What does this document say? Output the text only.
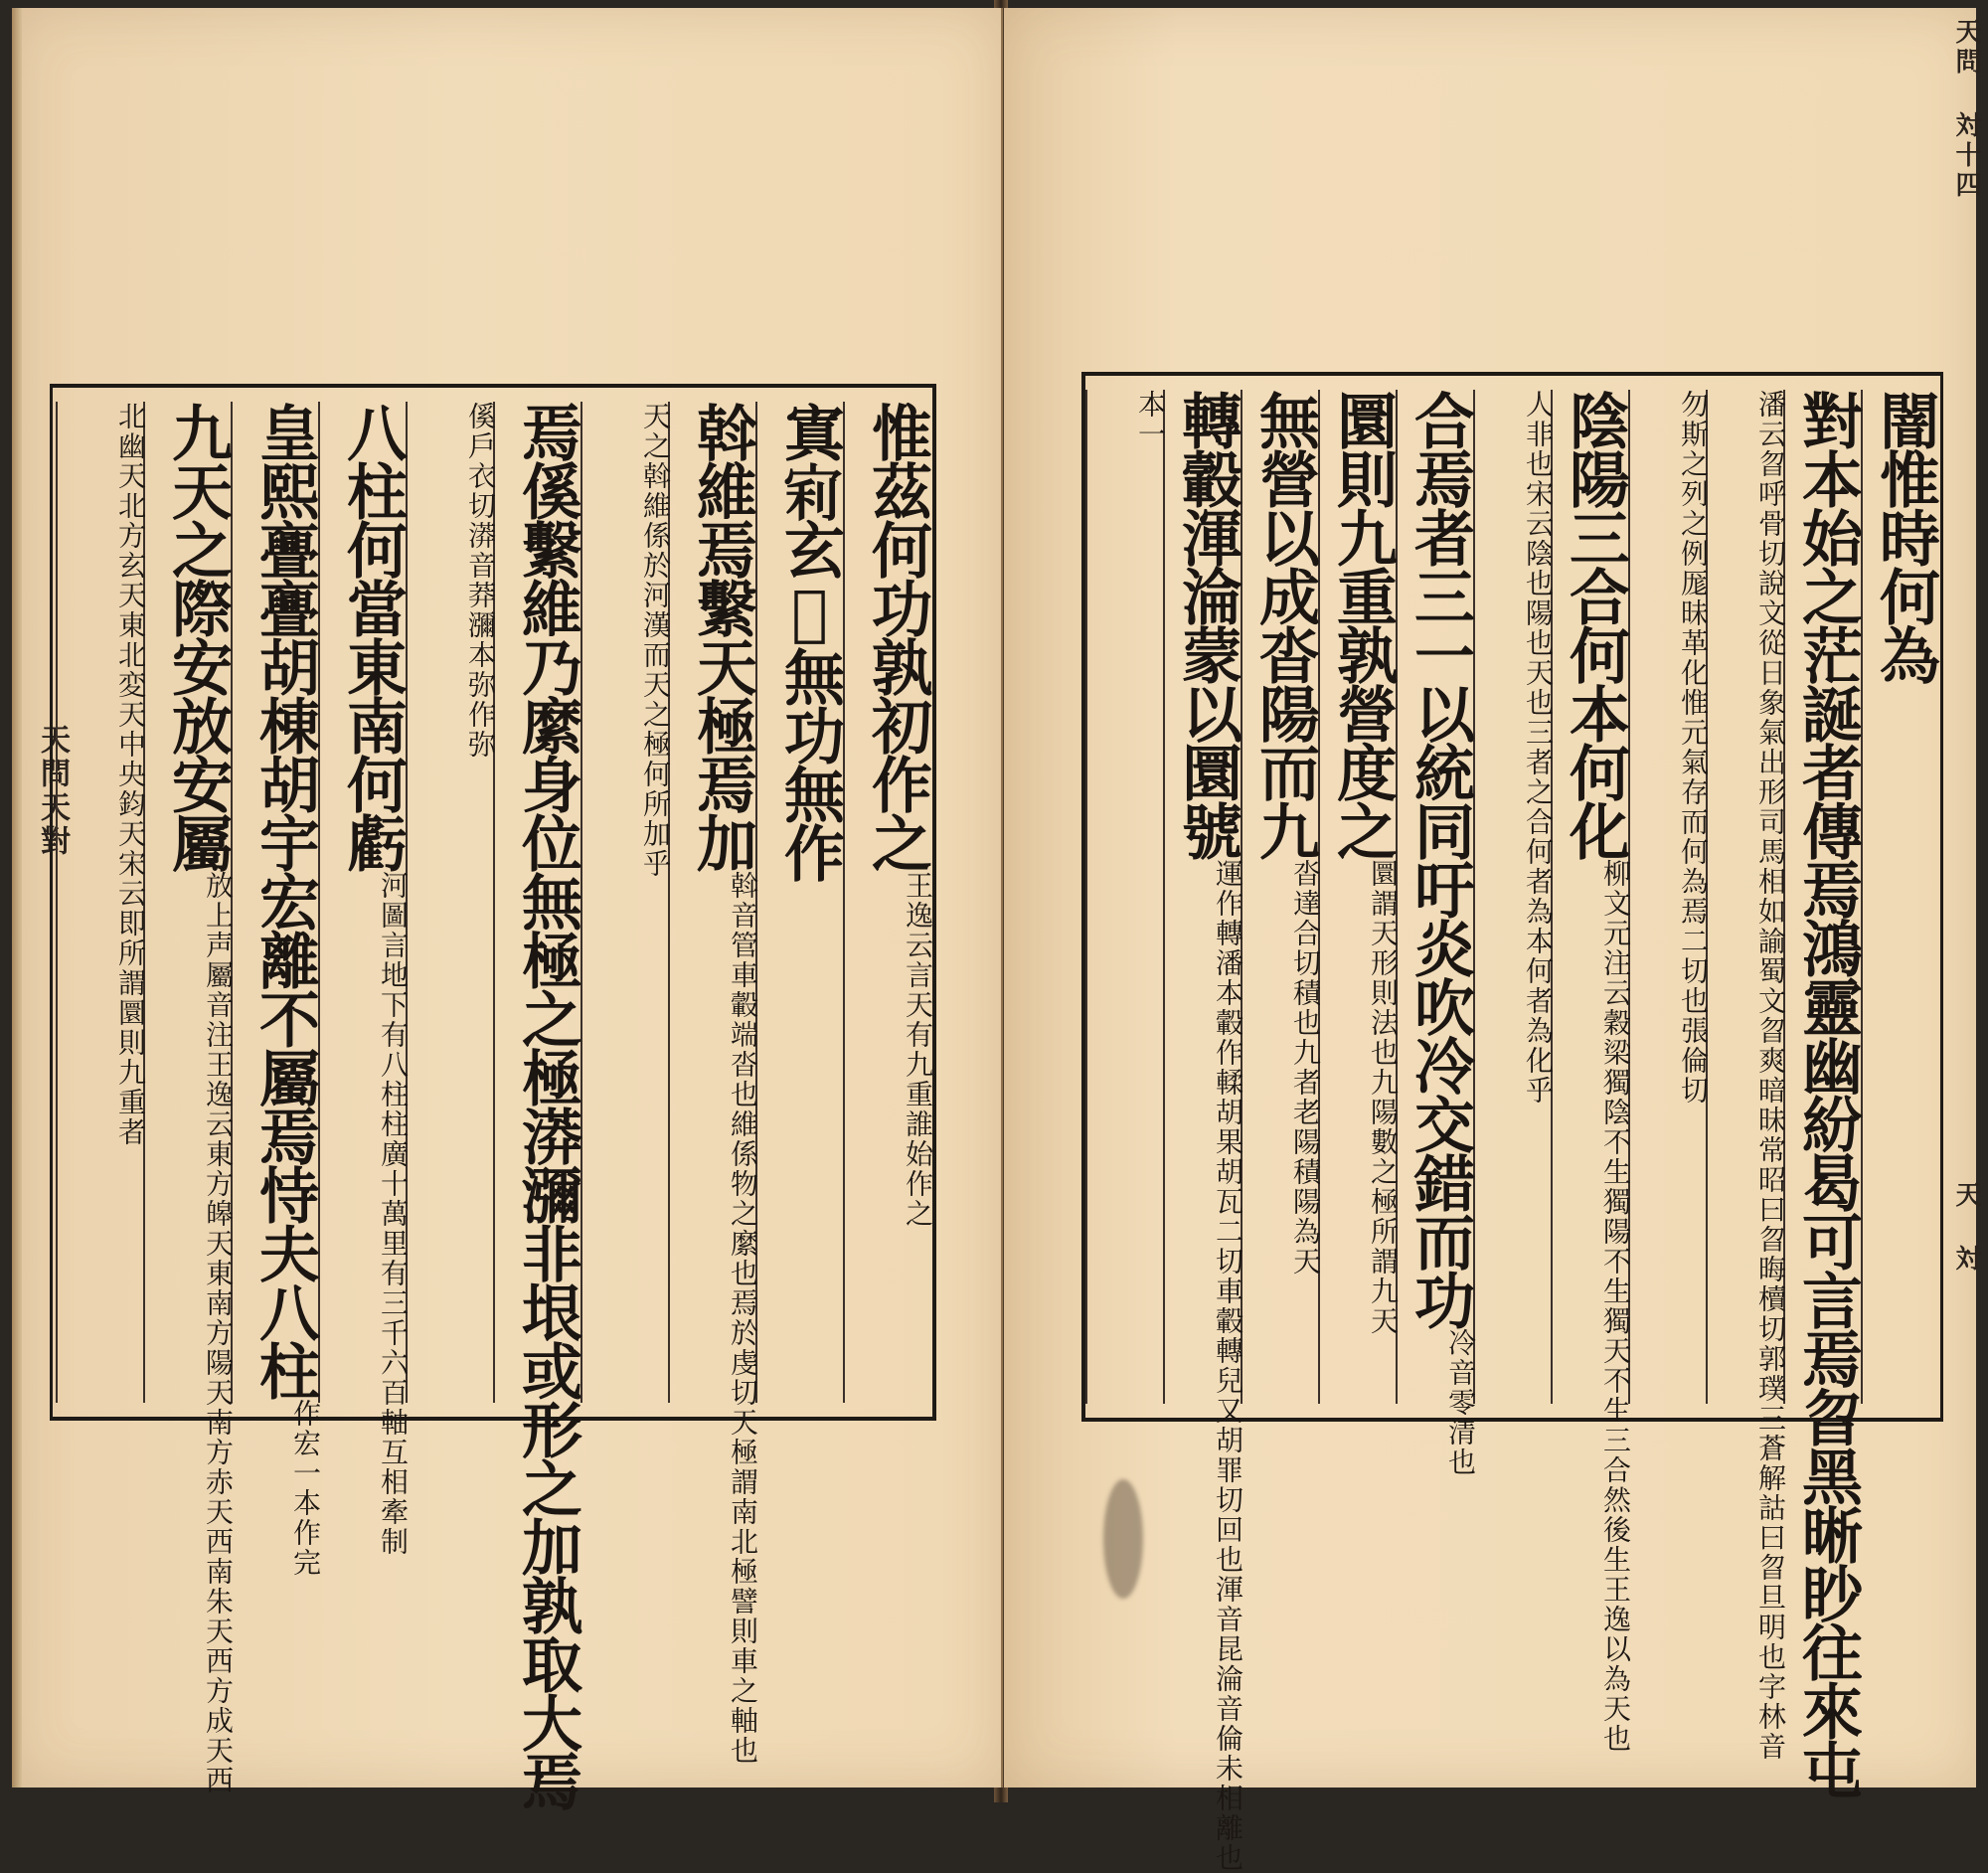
天問天對	惟茲何功孰初作之
王逸云言天有九重誰始作之
寘𡨖玄𧭙無功無作
斡維焉繫天極焉加
斡音管車轂端沓也維係物之縻也焉於虔切天極謂南北極譬則車之軸也
天之斡維係於河漢而天之極何所加乎
焉傒繫維乃縻身位無極之極漭瀰非垠或形之加孰取大焉
傒戶衣切漭音莽瀰本弥作弥
八柱何當東南何虧
河圖言地下有八柱柱廣十萬里有三千六百軸互相牽制
皇熙亹亹胡棟胡宇宏離不屬焉恃夫八柱
作宏一本作完
九天之際安放安屬
放上声屬音注王逸云東方皞天東南方陽天南方赤天西南朱天西方成天西
北幽天北方玄天東北変天中央鈞天宋云即所謂圜則九重者	闇惟時何為
對本始之茫誕者傳焉鴻靈幽紛曷可言焉曶黑晰眇往來屯
潘云曶呼骨切說文從日象氣出形司馬相如諭蜀文曶爽暗昧常昭曰曶晦櫝切郭璞三蒼解詁曰曶旦明也字林音
勿斯之列之例厖昧革化惟元氣存而何為焉二切也張倫切
陰陽三合何本何化
柳文元注云穀梁獨陰不生獨陽不生獨天不生三合然後生王逸以為天也
人非也宋云陰也陽也天也三者之合何者為本何者為化乎
合焉者三一以統同吁炎吹冷交錯而功
冷音零清也
圜則九重孰營度之
圜謂天形則法也九陽數之極所謂九天
無營以成沓陽而九
沓達合切積也九者老陽積陽為天
轉轂渾淪蒙以圜號
運作轉潘本轂作輮胡果胡瓦二切車轂轉兒又胡罪切回也渾音昆淪音倫未相離也
本一
天問 対十四
天 対
